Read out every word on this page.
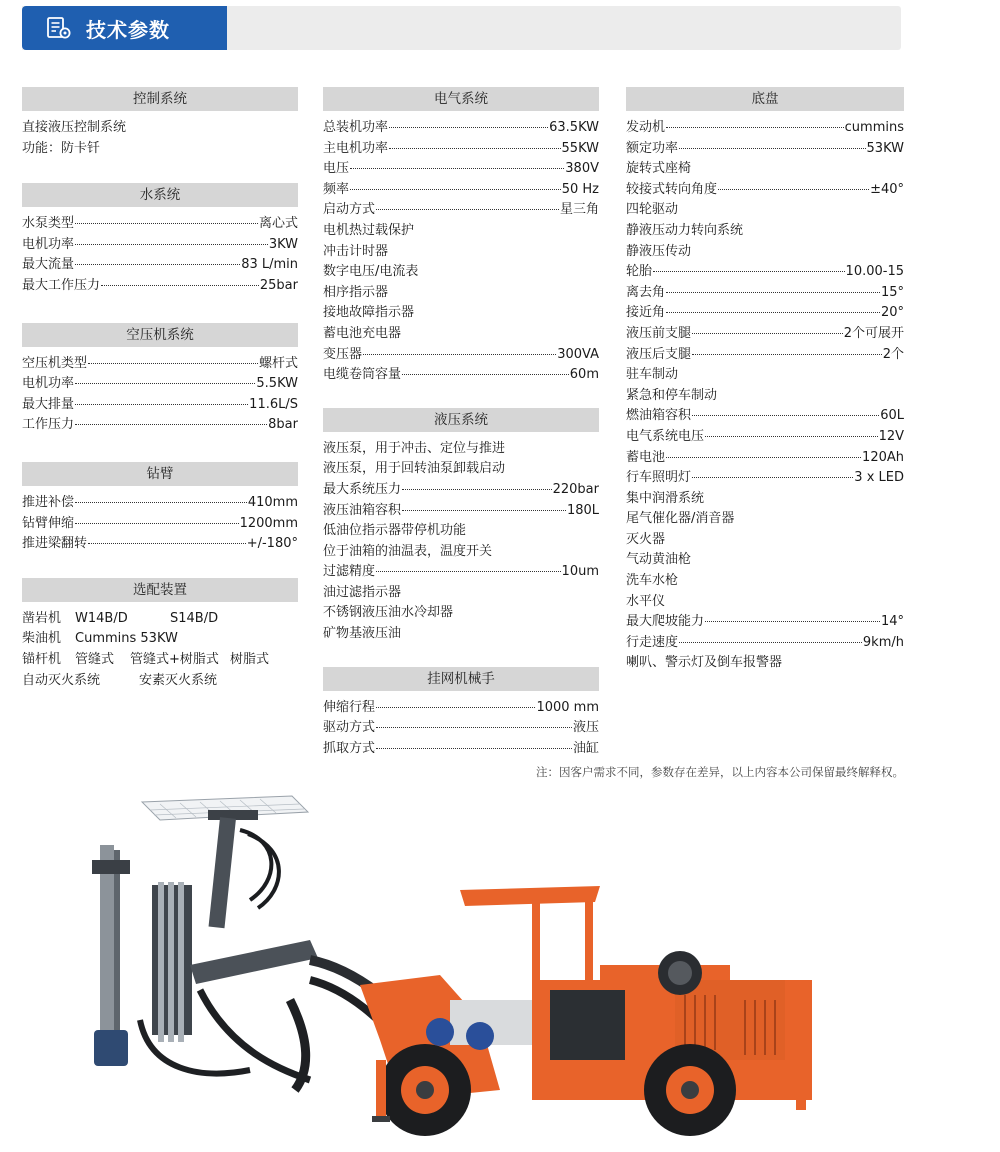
技术参数
控制系统
直接液压控制系统
功能：防卡钎
水系统
水泵类型	离心式
电机功率	3KW
最大流量	83 L/min
最大工作压力	25bar
空压机系统
空压机类型	螺杆式
电机功率	5.5KW
最大排量	11.6L/S
工作压力	8bar
钻臂
推进补偿	410mm
钻臂伸缩	1200mm
推进梁翻转	+/-180°
选配装置
凿岩机 W14B/D	S14B/D
柴油机 Cummins 53KW
锚杆机 管缝式 管缝式+树脂式 树脂式
自动灭火系统	安素灭火系统
电气系统
总装机功率	63.5KW
主电机功率	55KW
电压	380V
频率	50 Hz
启动方式	星三角
电机热过载保护
冲击计时器
数字电压/电流表
相序指示器
接地故障指示器
蓄电池充电器
变压器	300VA
电缆卷筒容量	60m
液压系统
液压泵，用于冲击、定位与推进
液压泵，用于回转油泵卸载启动
最大系统压力	220bar
液压油箱容积	180L
低油位指示器带停机功能
位于油箱的油温表，温度开关
过滤精度	10um
油过滤指示器
不锈钢液压油水冷却器
矿物基液压油
挂网机械手
伸缩行程	1000 mm
驱动方式	液压
抓取方式	油缸
底盘
发动机	cummins
额定功率	53KW
旋转式座椅
较接式转向角度	±40°
四轮驱动
静液压动力转向系统
静液压传动
轮胎	10.00-15
离去角	15°
接近角	20°
液压前支腿	2个可展开
液压后支腿	2个
驻车制动
紧急和停车制动
燃油箱容积	60L
电气系统电压	12V
蓄电池	120Ah
行车照明灯	3 x LED
集中润滑系统
尾气催化器/消音器
灭火器
气动黄油枪
洗车水枪
水平仪
最大爬坡能力	14°
行走速度	9km/h
喇叭、警示灯及倒车报警器
注：因客户需求不同，参数存在差异，以上内容本公司保留最终解释权。
